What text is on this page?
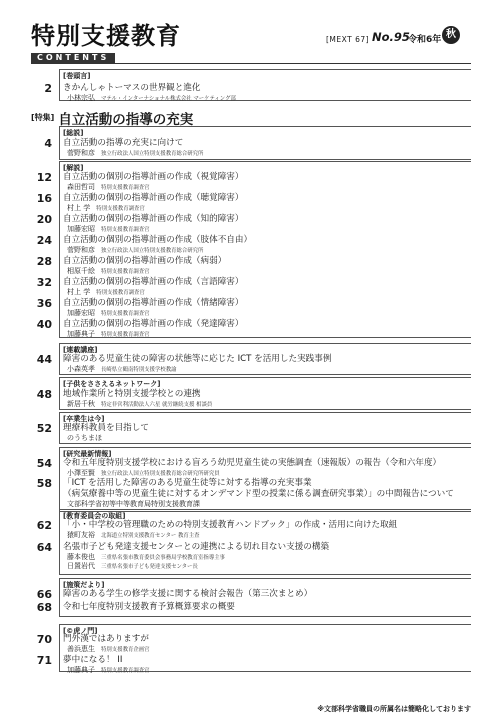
特別支援教育	[MEXT 67] No.95
令和6年 秋
CONTENTS
[特集] 自立活動の指導の充実
[巻頭言]
2 きかんしゃトーマスの世界観と進化
小林宗弘 マテル・インターナショナル株式会社 マーケティング部
[総説]
4 自立活動の指導の充実に向けて
菅野和彦 独立行政法人国立特別支援教育総合研究所
[解説]
12 自立活動の個別の指導計画の作成（視覚障害）
森田哲司 特別支援教育調査官
16 自立活動の個別の指導計画の作成（聴覚障害）
村上 学 特別支援教育調査官
20 自立活動の個別の指導計画の作成（知的障害）
加藤宏昭 特別支援教育調査官
24 自立活動の個別の指導計画の作成（肢体不自由）
菅野和彦 独立行政法人国立特別支援教育総合研究所
28 自立活動の個別の指導計画の作成（病弱）
相原千絵 特別支援教育調査官
32 自立活動の個別の指導計画の作成（言語障害）
村上 学 特別支援教育調査官
36 自立活動の個別の指導計画の作成（情緒障害）
加藤宏昭 特別支援教育調査官
40 自立活動の個別の指導計画の作成（発達障害）
加藤典子 特別支援教育調査官
[連載講座]
44 障害のある児童生徒の障害の状態等に応じた ICT を活用した実践事例
小森英孝 長崎県立鶴南特別支援学校教諭
[子供をささえるネットワーク]
48 地域作業所と特別支援学校との連携
新居千秋 特定非営利活動法人六星 就労継続支援 相談員
[卒業生は今]
52 理療科教員を目指して
のうちまほ
[研究最新情報]
54 令和五年度特別支援学校における盲ろう幼児児童生徒の実態調査（速報版）の報告（令和六年度）
小澤至賢 独立行政法人国立特別支援教育総合研究所研究員
58 「ICT を活用した障害のある児童生徒等に対する指導の充実事業
（病気療養中等の児童生徒に対するオンデマンド型の授業に係る調査研究事業）」の中間報告について
文部科学省初等中等教育局特別支援教育課
[教育委員会の取組]
62 「小・中学校の管理職のための特別支援教育ハンドブック」の作成・活用に向けた取組
猿町友裕 北海道立特別支援教育センター 教育主査
64 名張市子ども発達支援センターとの連携による切れ目ない支援の構築
藤本俊也 三重県名張市教育委員会事務局学校教育室指導主事
日置岩代 三重県名張市子ども発達支援センター長
[施策だより]
66 障害のある学生の修学支援に関する検討会報告（第三次まとめ）
68 令和七年度特別支援教育予算概算要求の概要
[©虎ノ門]
70 門外漢ではありますが
善浜恵生 特別支援教育企画官
71 夢中になる！ II
加藤典子 特別支援教育調査官
※文部科学省職員の所属名は簡略化しております
